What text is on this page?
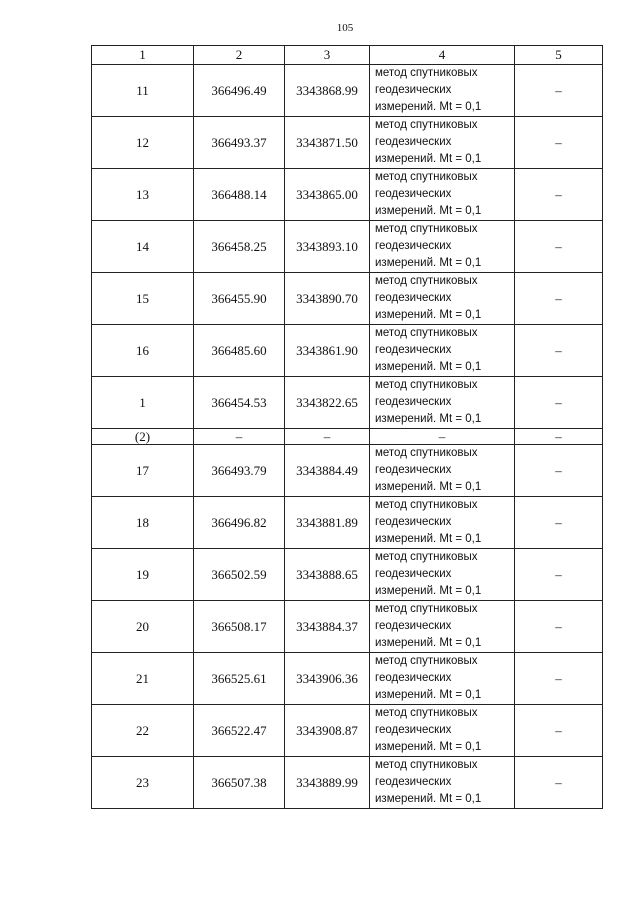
105
1	2	3	4	5
11	366496.49	3343868.99	метод спутниковых
геодезических
измерений. Mt = 0,1	–
12	366493.37	3343871.50	метод спутниковых
геодезических
измерений. Mt = 0,1	–
13	366488.14	3343865.00	метод спутниковых
геодезических
измерений. Mt = 0,1	–
14	366458.25	3343893.10	метод спутниковых
геодезических
измерений. Mt = 0,1	–
15	366455.90	3343890.70	метод спутниковых
геодезических
измерений. Mt = 0,1	–
16	366485.60	3343861.90	метод спутниковых
геодезических
измерений. Mt = 0,1	–
1	366454.53	3343822.65	метод спутниковых
геодезических
измерений. Mt = 0,1	–
(2)	–	–	–	–
17	366493.79	3343884.49	метод спутниковых
геодезических
измерений. Mt = 0,1	–
18	366496.82	3343881.89	метод спутниковых
геодезических
измерений. Mt = 0,1	–
19	366502.59	3343888.65	метод спутниковых
геодезических
измерений. Mt = 0,1	–
20	366508.17	3343884.37	метод спутниковых
геодезических
измерений. Mt = 0,1	–
21	366525.61	3343906.36	метод спутниковых
геодезических
измерений. Mt = 0,1	–
22	366522.47	3343908.87	метод спутниковых
геодезических
измерений. Mt = 0,1	–
23	366507.38	3343889.99	метод спутниковых
геодезических
измерений. Mt = 0,1	–
